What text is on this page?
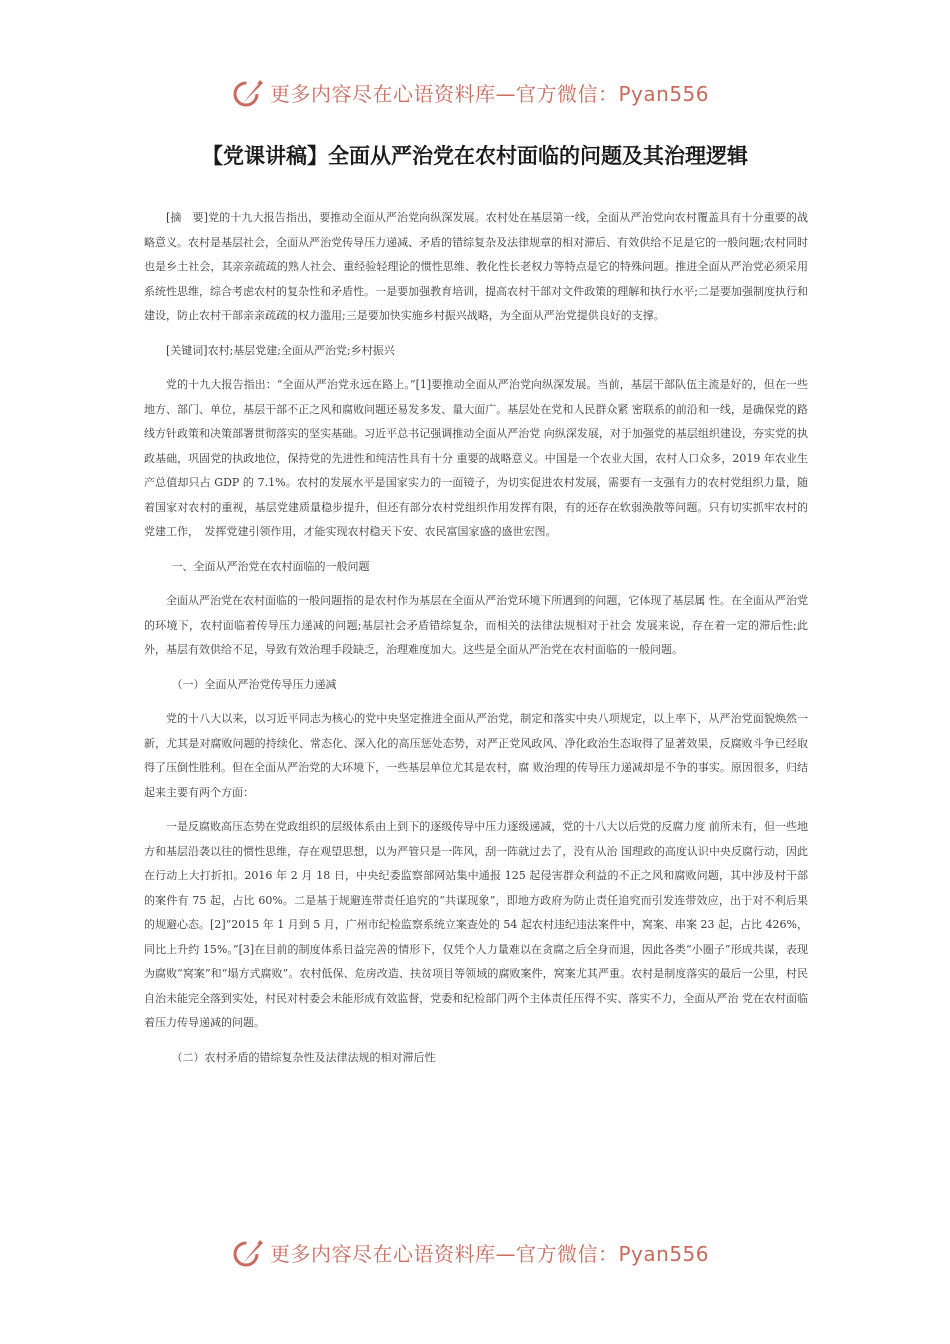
更多内容尽在心语资料库—官方微信：Pyan556
【党课讲稿】全面从严治党在农村面临的问题及其治理逻辑

[摘　要]党的十九大报告指出，要推动全面从严治党向纵深发展。农村处在基层第一线，全面从严治党向农村覆盖具有十分重要的战略意义。农村是基层社会，全面从严治党传导压力递减、矛盾的错综复杂及法律规章的相对滞后、有效供给不足是它的一般问题;农村同时也是乡土社会，其亲亲疏疏的熟人社会、重经验轻理论的惯性思维、教化性长老权力等特点是它的特殊问题。推进全面从严治党必须采用系统性思维，综合考虑农村的复杂性和矛盾性。一是要加强教育培训，提高农村干部对文件政策的理解和执行水平;二是要加强制度执行和建设，防止农村干部亲亲疏疏的权力滥用;三是要加快实施乡村振兴战略，为全面从严治党提供良好的支撑。

[关键词]农村;基层党建;全面从严治党;乡村振兴

党的十九大报告指出：“全面从严治党永远在路上。”[1]要推动全面从严治党向纵深发展。当前，基层干部队伍主流是好的，但在一些地方、部门、单位，基层干部不正之风和腐败问题还易发多发、量大面广。基层处在党和人民群众紧 密联系的前沿和一线，是确保党的路线方针政策和决策部署贯彻落实的坚实基础。习近平总书记强调推动全面从严治党 向纵深发展，对于加强党的基层组织建设，夯实党的执政基础，巩固党的执政地位，保持党的先进性和纯洁性具有十分 重要的战略意义。中国是一个农业大国，农村人口众多，2019 年农业生产总值却只占 GDP 的 7.1%。农村的发展水平是国家实力的一面镜子，为切实促进农村发展，需要有一支强有力的农村党组织力量，随着国家对农村的重视，基层党建质量稳步提升，但还有部分农村党组织作用发挥有限，有的还存在软弱涣散等问题。只有切实抓牢农村的党建工作，　发挥党建引领作用，才能实现农村稳天下安、农民富国家盛的盛世宏图。

一、全面从严治党在农村面临的一般问题

全面从严治党在农村面临的一般问题指的是农村作为基层在全面从严治党环境下所遇到的问题，它体现了基层属 性。在全面从严治党的环境下，农村面临着传导压力递减的问题;基层社会矛盾错综复杂，而相关的法律法规相对于社会 发展来说，存在着一定的滞后性;此外，基层有效供给不足，导致有效治理手段缺乏，治理难度加大。这些是全面从严治党在农村面临的一般问题。

（一）全面从严治党传导压力递减

党的十八大以来，以习近平同志为核心的党中央坚定推进全面从严治党，制定和落实中央八项规定，以上率下，从严治党面貌焕然一新，尤其是对腐败问题的持续化、常态化、深入化的高压惩处态势，对严正党风政风、净化政治生态取得了显著效果，反腐败斗争已经取得了压倒性胜利。但在全面从严治党的大环境下，一些基层单位尤其是农村，腐 败治理的传导压力递减却是不争的事实。原因很多，归结起来主要有两个方面：

一是反腐败高压态势在党政组织的层级体系由上到下的逐级传导中压力逐级递减，党的十八大以后党的反腐力度 前所未有，但一些地方和基层沿袭以往的惯性思维，存在观望思想，以为严管只是一阵风，刮一阵就过去了，没有从治 国理政的高度认识中央反腐行动，因此在行动上大打折扣。2016 年 2 月 18 日，中央纪委监察部网站集中通报 125 起侵害群众利益的不正之风和腐败问题，其中涉及村干部的案件有 75 起，占比 60%。二是基于规避连带责任追究的“共谋现象”，即地方政府为防止责任追究而引发连带效应，出于对不利后果的规避心态。[2]“2015 年 1 月到 5 月，广州市纪检监察系统立案查处的 54 起农村违纪违法案件中，窝案、串案 23 起，占比 426%，同比上升约 15%。”[3]在目前的制度体系日益完善的情形下，仅凭个人力量难以在贪腐之后全身而退，因此各类“小圈子”形成共谋，表现为腐败“窝案”和“塌方式腐败”。农村低保、危房改造、扶贫项目等领域的腐败案件，窝案尤其严重。农村是制度落实的最后一公里，村民自治未能完全落到实处，村民对村委会未能形成有效监督，党委和纪检部门两个主体责任压得不实、落实不力，全面从严治 党在农村面临着压力传导递减的问题。

（二）农村矛盾的错综复杂性及法律法规的相对滞后性

更多内容尽在心语资料库—官方微信：Pyan556
